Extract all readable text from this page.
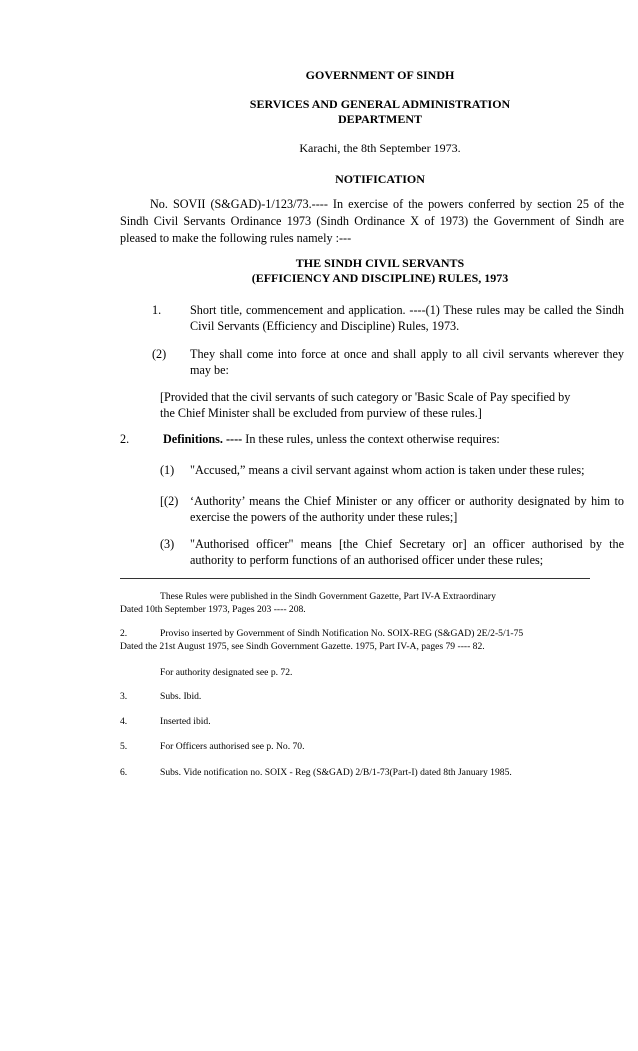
GOVERNMENT OF SINDH
SERVICES AND GENERAL ADMINISTRATION
DEPARTMENT
Karachi, the 8th September 1973.
NOTIFICATION
No. SOVII (S&GAD)-1/123/73.---- In exercise of the powers conferred by section 25 of the Sindh Civil Servants Ordinance 1973 (Sindh Ordinance X of 1973) the Government of Sindh are pleased to make the following rules namely :---
THE SINDH CIVIL SERVANTS
(EFFICIENCY AND DISCIPLINE) RULES, 1973
1. Short title, commencement and application. ----(1) These rules may be called the Sindh Civil Servants (Efficiency and Discipline) Rules, 1973.
(2) They shall come into force at once and shall apply to all civil servants wherever they may be:
[Provided that the civil servants of such category or 'Basic Scale of Pay specified by
the Chief Minister shall be excluded from purview of these rules.]
2.	Definitions. ---- In these rules, unless the context otherwise requires:
(1) "Accused,” means a civil servant against whom action is taken under these rules;
[(2) ‘Authority’ means the Chief Minister or any officer or authority designated by him to exercise the powers of the authority under these rules;]
(3) "Authorised officer" means [the Chief Secretary or] an officer authorised by the authority to perform functions of an authorised officer under these rules;
These Rules were published in the Sindh Government Gazette, Part IV-A Extraordinary
Dated 10th September 1973, Pages 203 ---- 208.
2.	Proviso inserted by Government of Sindh Notification No. SOIX-REG (S&GAD) 2E/2-5/1-75
Dated the 21st August 1975, see Sindh Government Gazette. 1975, Part IV-A, pages 79 ---- 82.
For authority designated see p. 72.
3.	Subs. Ibid.
4.	Inserted ibid.
5.	For Officers authorised see p. No. 70.
6.	Subs. Vide notification no. SOIX - Reg (S&GAD) 2/B/1-73(Part-I) dated 8th January 1985.
